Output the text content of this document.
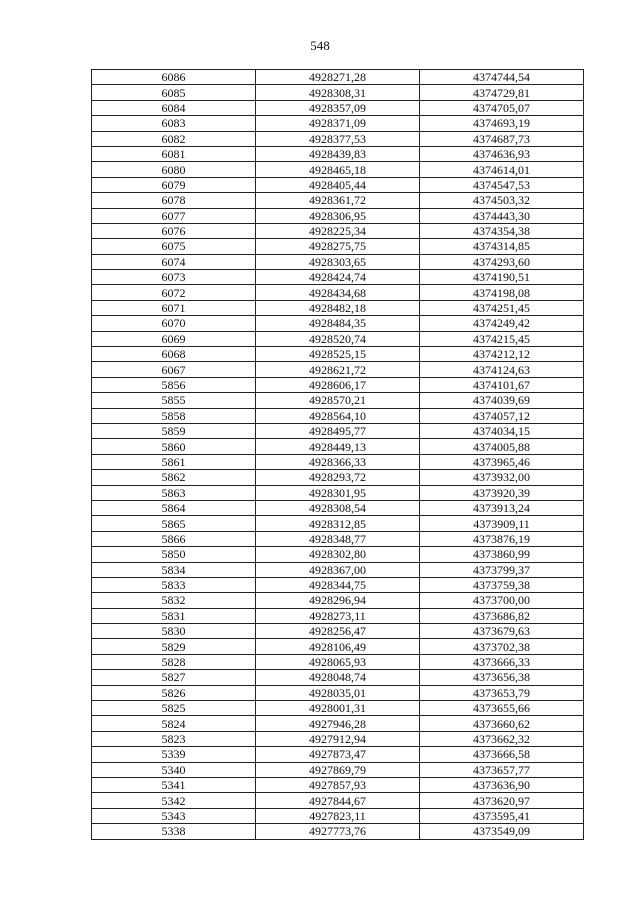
548
6086	4928271,28	4374744,54
6085	4928308,31	4374729,81
6084	4928357,09	4374705,07
6083	4928371,09	4374693,19
6082	4928377,53	4374687,73
6081	4928439,83	4374636,93
6080	4928465,18	4374614,01
6079	4928405,44	4374547,53
6078	4928361,72	4374503,32
6077	4928306,95	4374443,30
6076	4928225,34	4374354,38
6075	4928275,75	4374314,85
6074	4928303,65	4374293,60
6073	4928424,74	4374190,51
6072	4928434,68	4374198,08
6071	4928482,18	4374251,45
6070	4928484,35	4374249,42
6069	4928520,74	4374215,45
6068	4928525,15	4374212,12
6067	4928621,72	4374124,63
5856	4928606,17	4374101,67
5855	4928570,21	4374039,69
5858	4928564,10	4374057,12
5859	4928495,77	4374034,15
5860	4928449,13	4374005,88
5861	4928366,33	4373965,46
5862	4928293,72	4373932,00
5863	4928301,95	4373920,39
5864	4928308,54	4373913,24
5865	4928312,85	4373909,11
5866	4928348,77	4373876,19
5850	4928302,80	4373860,99
5834	4928367,00	4373799,37
5833	4928344,75	4373759,38
5832	4928296,94	4373700,00
5831	4928273,11	4373686,82
5830	4928256,47	4373679,63
5829	4928106,49	4373702,38
5828	4928065,93	4373666,33
5827	4928048,74	4373656,38
5826	4928035,01	4373653,79
5825	4928001,31	4373655,66
5824	4927946,28	4373660,62
5823	4927912,94	4373662,32
5339	4927873,47	4373666,58
5340	4927869,79	4373657,77
5341	4927857,93	4373636,90
5342	4927844,67	4373620,97
5343	4927823,11	4373595,41
5338	4927773,76	4373549,09
